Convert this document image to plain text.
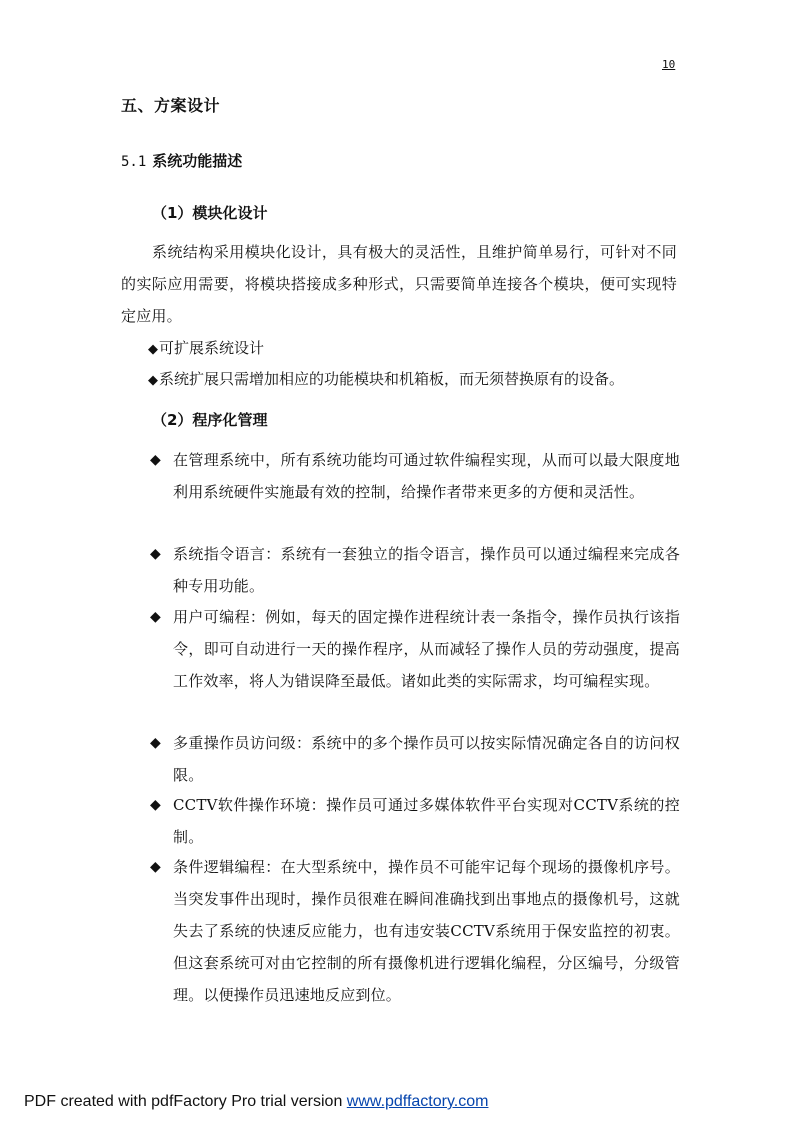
10
五、方案设计
5.1 系统功能描述
（1）模块化设计
系统结构采用模块化设计，具有极大的灵活性，且维护简单易行，可针对不同的实际应用需要，将模块搭接成多种形式，只需要简单连接各个模块，便可实现特定应用。
◆可扩展系统设计
◆系统扩展只需增加相应的功能模块和机箱板，而无须替换原有的设备。
（2）程序化管理
◆ 在管理系统中，所有系统功能均可通过软件编程实现，从而可以最大限度地利用系统硬件实施最有效的控制，给操作者带来更多的方便和灵活性。
◆ 系统指令语言：系统有一套独立的指令语言，操作员可以通过编程来完成各种专用功能。
◆ 用户可编程：例如，每天的固定操作进程统计表一条指令，操作员执行该指令，即可自动进行一天的操作程序，从而减轻了操作人员的劳动强度，提高工作效率，将人为错误降至最低。诸如此类的实际需求，均可编程实现。
◆ 多重操作员访问级：系统中的多个操作员可以按实际情况确定各自的访问权限。
◆ CCTV软件操作环境：操作员可通过多媒体软件平台实现对CCTV系统的控制。
◆ 条件逻辑编程：在大型系统中，操作员不可能牢记每个现场的摄像机序号。当突发事件出现时，操作员很难在瞬间准确找到出事地点的摄像机号，这就失去了系统的快速反应能力，也有违安装CCTV系统用于保安监控的初衷。但这套系统可对由它控制的所有摄像机进行逻辑化编程，分区编号，分级管理。以便操作员迅速地反应到位。
PDF created with pdfFactory Pro trial version www.pdffactory.com
